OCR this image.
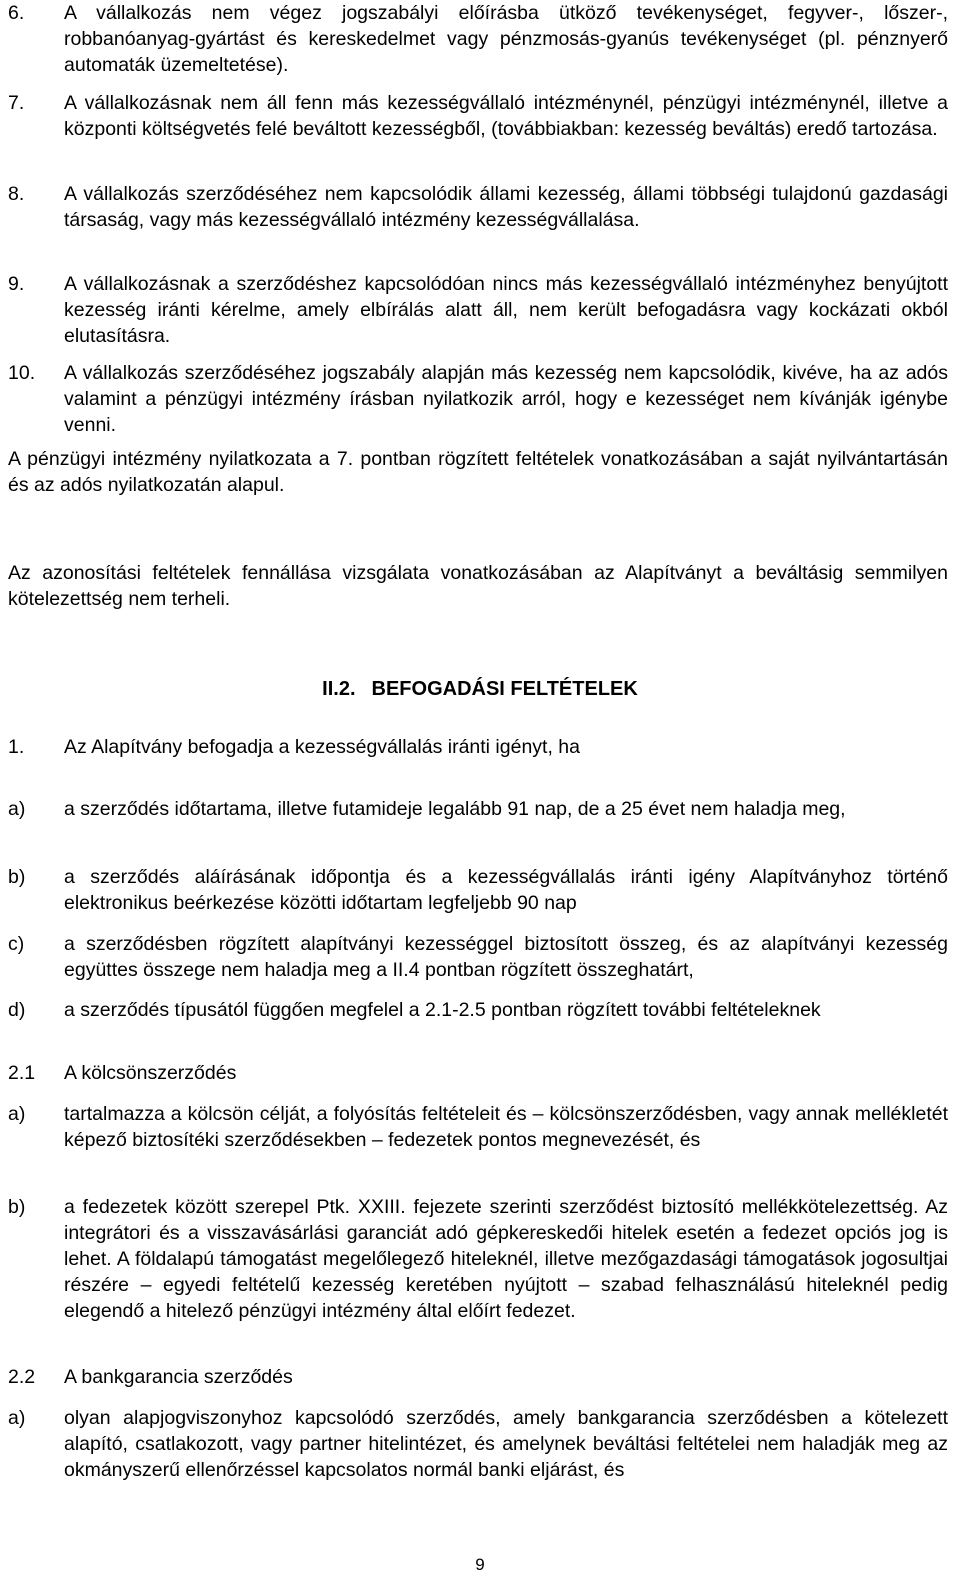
6. A vállalkozás nem végez jogszabályi előírásba ütköző tevékenységet, fegyver-, lőszer-, robbanóanyag-gyártást és kereskedelmet vagy pénzmosás-gyanús tevékenységet (pl. pénznyerő automaták üzemeltetése).
7. A vállalkozásnak nem áll fenn más kezességvállaló intézménynél, pénzügyi intézménynél, illetve a központi költségvetés felé beváltott kezességből, (továbbiakban: kezesség beváltás) eredő tartozása.
8. A vállalkozás szerződéséhez nem kapcsolódik állami kezesség, állami többségi tulajdonú gazdasági társaság, vagy más kezességvállaló intézmény kezességvállalása.
9. A vállalkozásnak a szerződéshez kapcsolódóan nincs más kezességvállaló intézményhez benyújtott kezesség iránti kérelme, amely elbírálás alatt áll, nem került befogadásra vagy kockázati okból elutasításra.
10. A vállalkozás szerződéséhez jogszabály alapján más kezesség nem kapcsolódik, kivéve, ha az adós valamint a pénzügyi intézmény írásban nyilatkozik arról, hogy e kezességet nem kívánják igénybe venni.
A pénzügyi intézmény nyilatkozata a 7. pontban rögzített feltételek vonatkozásában a saját nyilvántartásán és az adós nyilatkozatán alapul.
Az azonosítási feltételek fennállása vizsgálata vonatkozásában az Alapítványt a beváltásig semmilyen kötelezettség nem terheli.
II.2. BEFOGADÁSI FELTÉTELEK
1. Az Alapítvány befogadja a kezességvállalás iránti igényt, ha
a) a szerződés időtartama, illetve futamideje legalább 91 nap, de a 25 évet nem haladja meg,
b) a szerződés aláírásának időpontja és a kezességvállalás iránti igény Alapítványhoz történő elektronikus beérkezése közötti időtartam legfeljebb 90 nap
c) a szerződésben rögzített alapítványi kezességgel biztosított összeg, és az alapítványi kezesség együttes összege nem haladja meg a II.4 pontban rögzített összeghatárt,
d) a szerződés típusától függően megfelel a 2.1-2.5 pontban rögzített további feltételeknek
2.1 A kölcsönszerződés
a) tartalmazza a kölcsön célját, a folyósítás feltételeit és – kölcsönszerződésben, vagy annak mellékletét képező biztosítéki szerződésekben – fedezetek pontos megnevezését, és
b) a fedezetek között szerepel Ptk. XXIII. fejezete szerinti szerződést biztosító mellékkötelezettség. Az integrátori és a visszavásárlási garanciát adó gépkereskedői hitelek esetén a fedezet opciós jog is lehet. A földalapú támogatást megelőlegező hiteleknél, illetve mezőgazdasági támogatások jogosultjai részére – egyedi feltételű kezesség keretében nyújtott – szabad felhasználású hiteleknél pedig elegendő a hitelező pénzügyi intézmény által előírt fedezet.
2.2 A bankgarancia szerződés
a) olyan alapjogviszonyhoz kapcsolódó szerződés, amely bankgarancia szerződésben a kötelezett alapító, csatlakozott, vagy partner hitelintézet, és amelynek beváltási feltételei nem haladják meg az okmányszerű ellenőrzéssel kapcsolatos normál banki eljárást, és
9
